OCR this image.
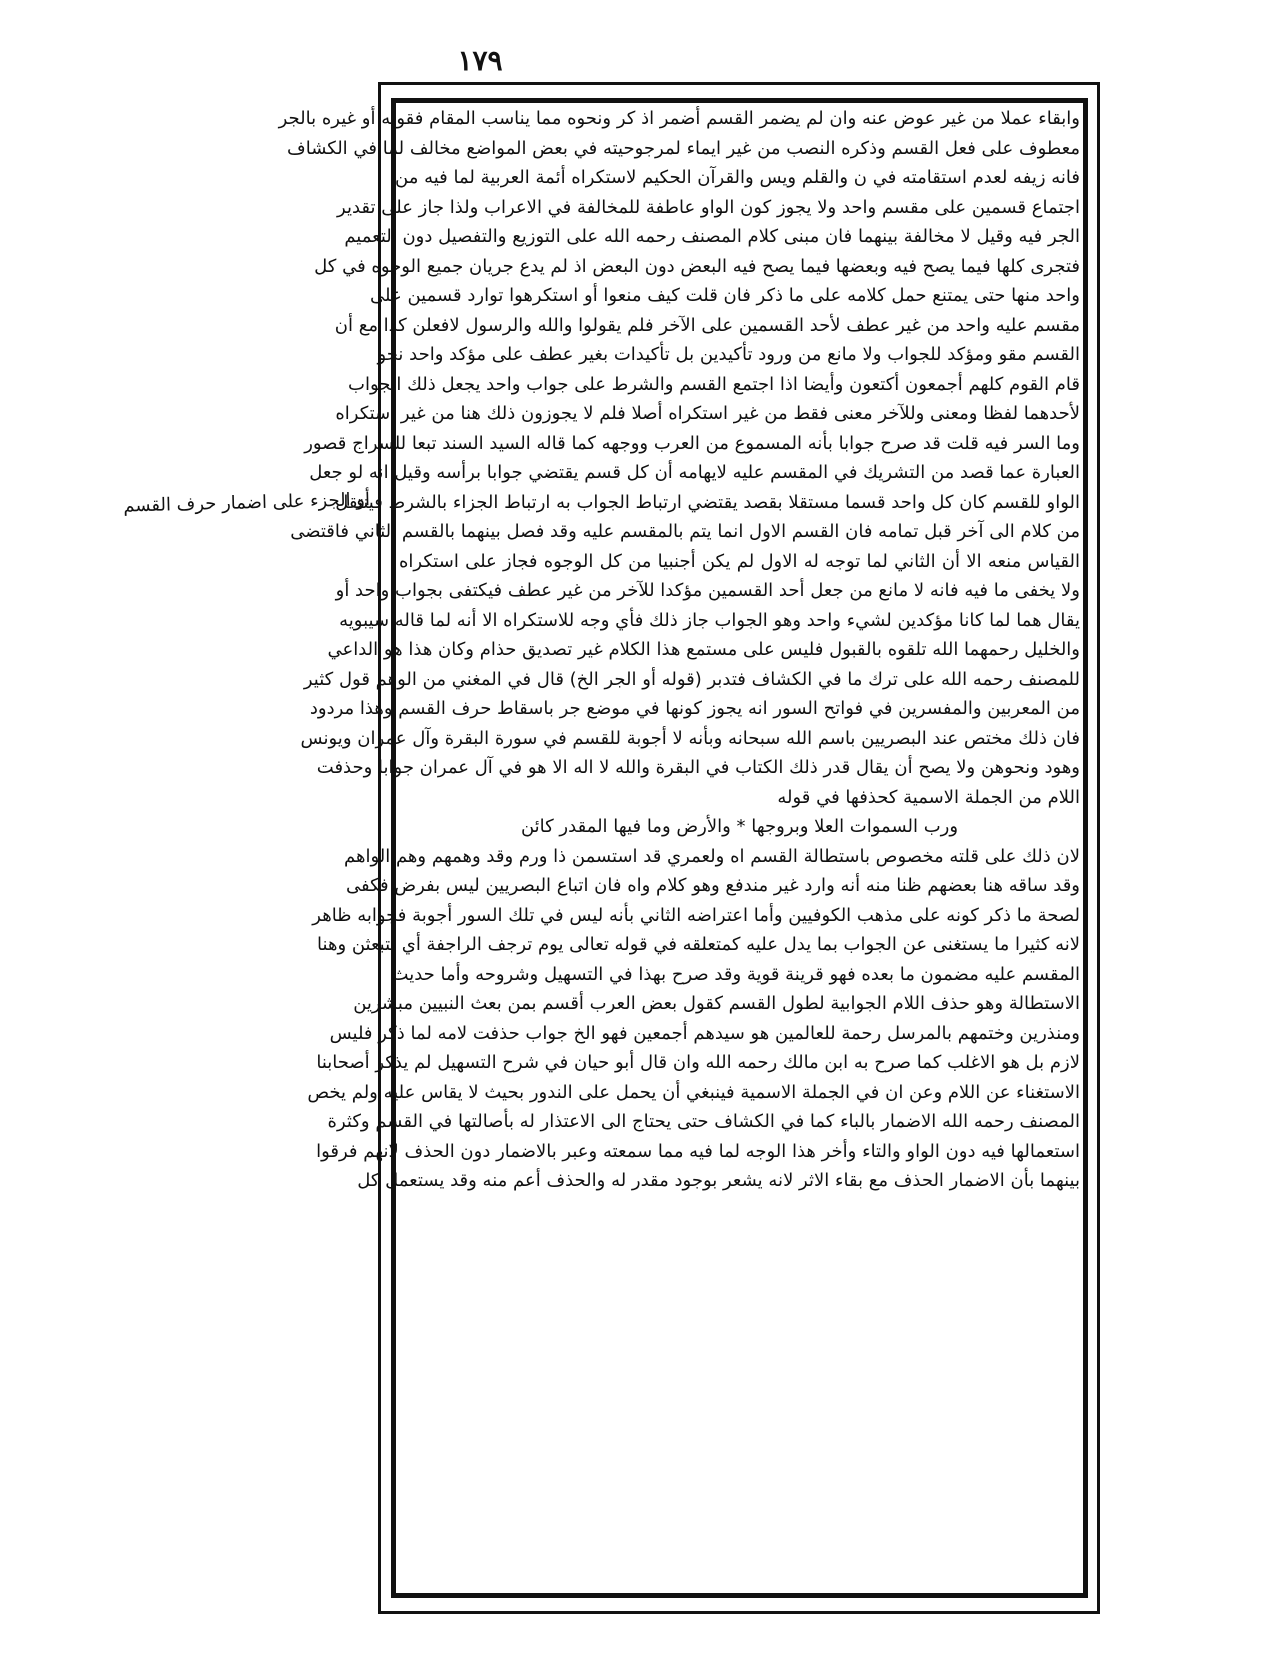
١٧٩
أو الجزء على اضمار حرف القسم
وابقاء عملا من غير عوض عنه وان لم يضمر القسم أضمر اذ كر ونحوه مما يناسب المقام فقوله أو غيره بالجر
معطوف على فعل القسم وذكره النصب من غير ايماء لمرجوحيته في بعض المواضع مخالف لما في الكشاف
فانه زيفه لعدم استقامته في ن والقلم ويس والقرآن الحكيم لاستكراه أئمة العربية لما فيه من
اجتماع قسمين على مقسم واحد ولا يجوز كون الواو عاطفة للمخالفة في الاعراب ولذا جاز على تقدير
الجر فيه وقيل لا مخالفة بينهما فان مبنى كلام المصنف رحمه الله على التوزيع والتفصيل دون التعميم
فتجرى كلها فيما يصح فيه وبعضها فيما يصح فيه البعض دون البعض اذ لم يدع جريان جميع الوجوه في كل
واحد منها حتى يمتنع حمل كلامه على ما ذكر فان قلت كيف منعوا أو استكرهوا توارد قسمين على
مقسم عليه واحد من غير عطف لأحد القسمين على الآخر فلم يقولوا والله والرسول لافعلن كذا مع أن
القسم مقو ومؤكد للجواب ولا مانع من ورود تأكيدين بل تأكيدات بغير عطف على مؤكد واحد نحو
قام القوم كلهم أجمعون أكتعون وأيضا اذا اجتمع القسم والشرط على جواب واحد يجعل ذلك الجواب
لأحدهما لفظا ومعنى وللآخر معنى فقط من غير استكراه أصلا فلم لا يجوزون ذلك هنا من غير استكراه
وما السر فيه قلت قد صرح جوابا بأنه المسموع من العرب ووجهه كما قاله السيد السند تبعا للسراج قصور
العبارة عما قصد من التشريك في المقسم عليه لايهامه أن كل قسم يقتضي جوابا برأسه وقيل انه لو جعل
الواو للقسم كان كل واحد قسما مستقلا بقصد يقتضي ارتباط الجواب به ارتباط الجزاء بالشرط فينتقل
من كلام الى آخر قبل تمامه فان القسم الاول انما يتم بالمقسم عليه وقد فصل بينهما بالقسم الثاني فاقتضى
القياس منعه الا أن الثاني لما توجه له الاول لم يكن أجنبيا من كل الوجوه فجاز على استكراه
ولا يخفى ما فيه فانه لا مانع من جعل أحد القسمين مؤكدا للآخر من غير عطف فيكتفى بجواب واحد أو
يقال هما لما كانا مؤكدين لشيء واحد وهو الجواب جاز ذلك فأي وجه للاستكراه الا أنه لما قاله سيبويه
والخليل رحمهما الله تلقوه بالقبول فليس على مستمع هذا الكلام غير تصديق حذام وكان هذا هو الداعي
للمصنف رحمه الله على ترك ما في الكشاف فتدبر (قوله أو الجر الخ) قال في المغني من الوهم قول كثير
من المعربين والمفسرين في فواتح السور انه يجوز كونها في موضع جر باسقاط حرف القسم وهذا مردود
فان ذلك مختص عند البصريين باسم الله سبحانه وبأنه لا أجوبة للقسم في سورة البقرة وآل عمران ويونس
وهود ونحوهن ولا يصح أن يقال قدر ذلك الكتاب في البقرة والله لا اله الا هو في آل عمران جوابا وحذفت
اللام من الجملة الاسمية كحذفها في قوله
ورب السموات العلا وبروجها * والأرض وما فيها المقدر كائن
لان ذلك على قلته مخصوص باستطالة القسم اه ولعمري قد استسمن ذا ورم وقد وهمهم وهم الواهم
وقد ساقه هنا بعضهم ظنا منه أنه وارد غير مندفع وهو كلام واه فان اتباع البصريين ليس بفرض فكفى
لصحة ما ذكر كونه على مذهب الكوفيين وأما اعتراضه الثاني بأنه ليس في تلك السور أجوبة فجوابه ظاهر
لانه كثيرا ما يستغنى عن الجواب بما يدل عليه كمتعلقه في قوله تعالى يوم ترجف الراجفة أي لتبعثن وهنا
المقسم عليه مضمون ما بعده فهو قرينة قوية وقد صرح بهذا في التسهيل وشروحه وأما حديث
الاستطالة وهو حذف اللام الجوابية لطول القسم كقول بعض العرب أقسم بمن بعث النبيين مبشرين
ومنذرين وختمهم بالمرسل رحمة للعالمين هو سيدهم أجمعين فهو الخ جواب حذفت لامه لما ذكر فليس
لازم بل هو الاغلب كما صرح به ابن مالك رحمه الله وان قال أبو حيان في شرح التسهيل لم يذكر أصحابنا
الاستغناء عن اللام وعن ان في الجملة الاسمية فينبغي أن يحمل على الندور بحيث لا يقاس عليه ولم يخص
المصنف رحمه الله الاضمار بالباء كما في الكشاف حتى يحتاج الى الاعتذار له بأصالتها في القسم وكثرة
استعمالها فيه دون الواو والتاء وأخر هذا الوجه لما فيه مما سمعته وعبر بالاضمار دون الحذف لانهم فرقوا
بينهما بأن الاضمار الحذف مع بقاء الاثر لانه يشعر بوجود مقدر له والحذف أعم منه وقد يستعمل كل
